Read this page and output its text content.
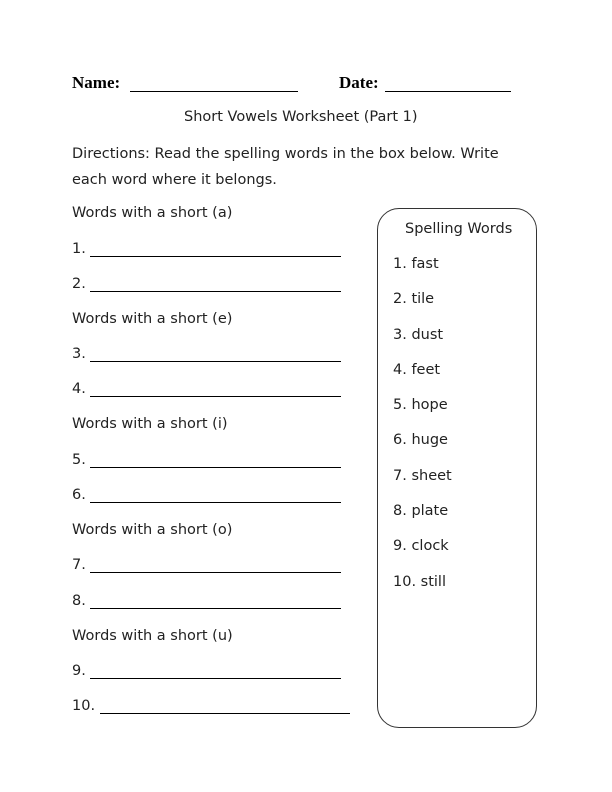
Name:	Date:
Short Vowels Worksheet (Part 1)
Directions: Read the spelling words in the box below. Write each word where it belongs.
Words with a short (a)
1.
2.
Words with a short (e)
3.
4.
Words with a short (i)
5.
6.
Words with a short (o)
7.
8.
Words with a short (u)
9.
10.
Spelling Words
1. fast
2. tile
3. dust
4. feet
5. hope
6. huge
7. sheet
8. plate
9. clock
10. still
